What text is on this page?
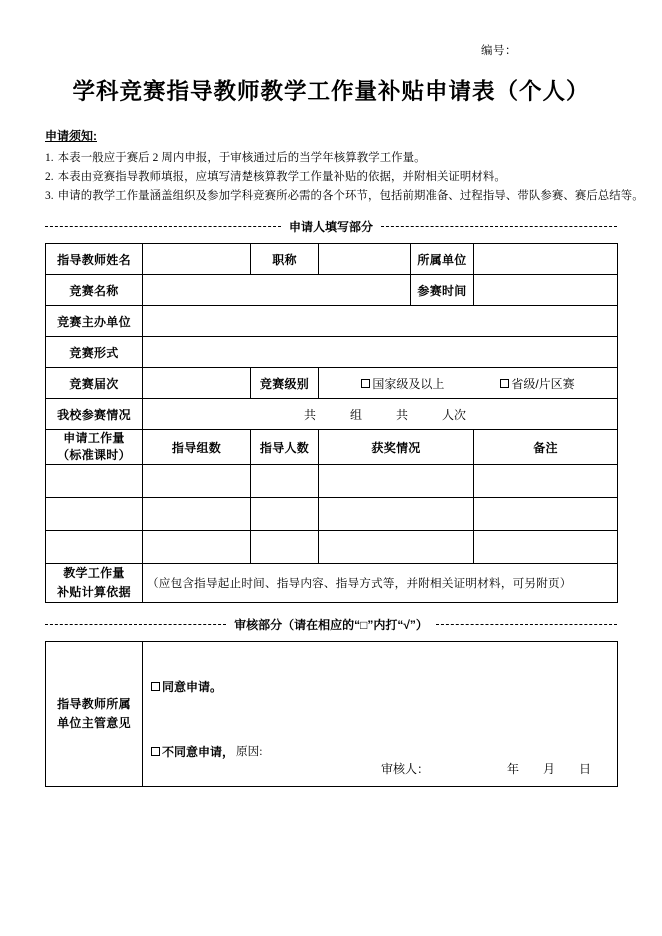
编号：
学科竞赛指导教师教学工作量补贴申请表（个人）
申请须知:
1. 本表一般应于赛后 2 周内申报，于审核通过后的当学年核算教学工作量。
2. 本表由竞赛指导教师填报，应填写清楚核算教学工作量补贴的依据，并附相关证明材料。
3. 申请的教学工作量涵盖组织及参加学科竞赛所必需的各个环节，包括前期准备、过程指导、带队参赛、赛后总结等。
申请人填写部分
指导教师姓名		职称		所属单位	
竞赛名称				参赛时间	
竞赛主办单位					
竞赛形式					
竞赛届次		竞赛级别	国家级及以上 省级/片区赛		

我校参赛情况	共 组 共 人次				

申请工作量
（标准课时）	指导组数	指导人数	获奖情况		备注

教学工作量
补贴计算依据	（应包含指导起止时间、指导内容、指导方式等，并附相关证明材料，可另附页）				
审核部分（请在相应的“□”内打“√”）
指导教师所属
单位主管意见	
同意申请。
不同意申请， 原因:
审核人：	年 月 日
